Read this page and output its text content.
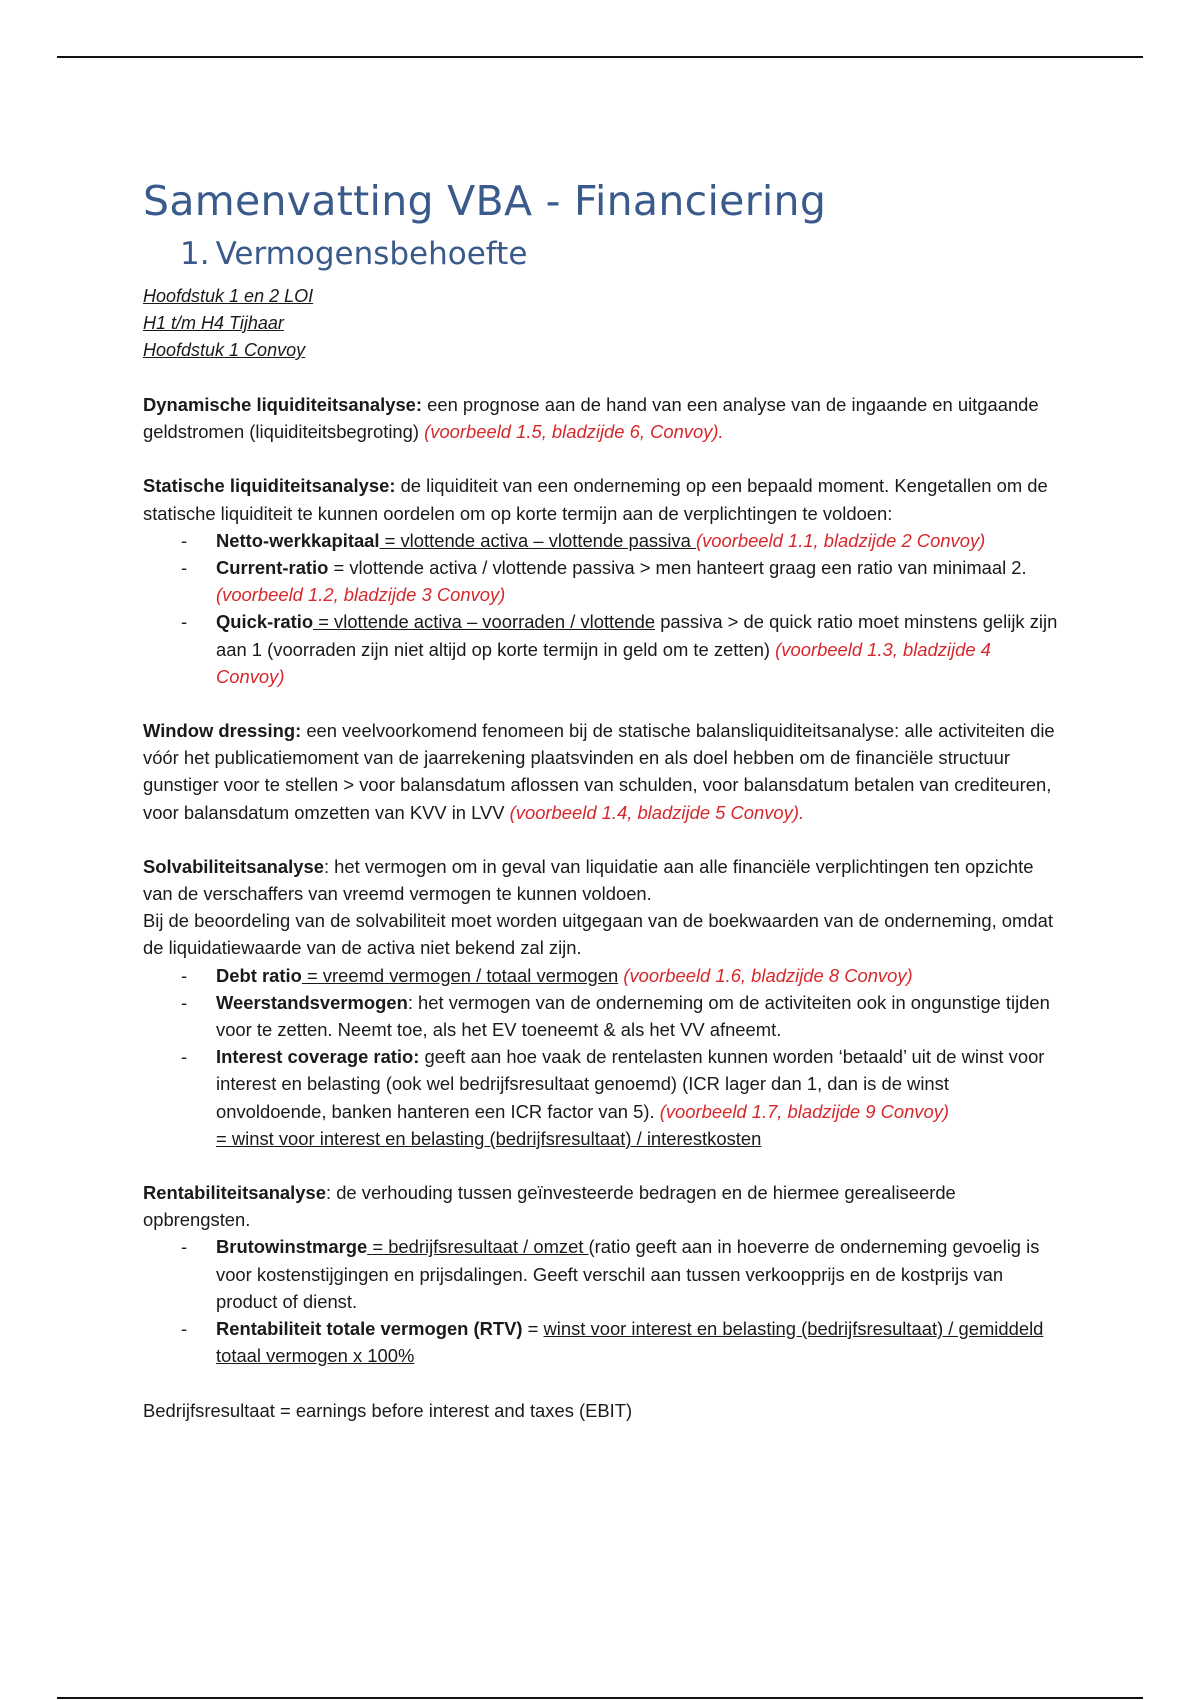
Samenvatting VBA - Financiering
1. Vermogensbehoefte
Hoofdstuk 1 en 2 LOI
H1 t/m H4 Tijhaar
Hoofdstuk 1 Convoy

Dynamische liquiditeitsanalyse: een prognose aan de hand van een analyse van de ingaande en uitgaande geldstromen (liquiditeitsbegroting) (voorbeeld 1.5, bladzijde 6, Convoy).

Statische liquiditeitsanalyse: de liquiditeit van een onderneming op een bepaald moment. Kengetallen om de statische liquiditeit te kunnen oordelen om op korte termijn aan de verplichtingen te voldoen:

- Netto-werkkapitaal = vlottende activa – vlottende passiva (voorbeeld 1.1, bladzijde 2 Convoy)
- Current-ratio = vlottende activa / vlottende passiva > men hanteert graag een ratio van minimaal 2. (voorbeeld 1.2, bladzijde 3 Convoy)
- Quick-ratio = vlottende activa – voorraden / vlottende passiva > de quick ratio moet minstens gelijk zijn aan 1 (voorraden zijn niet altijd op korte termijn in geld om te zetten) (voorbeeld 1.3, bladzijde 4 Convoy)

Window dressing: een veelvoorkomend fenomeen bij de statische balansliquiditeitsanalyse: alle activiteiten die vóór het publicatiemoment van de jaarrekening plaatsvinden en als doel hebben om de financiële structuur gunstiger voor te stellen > voor balansdatum aflossen van schulden, voor balansdatum betalen van crediteuren, voor balansdatum omzetten van KVV in LVV (voorbeeld 1.4, bladzijde 5 Convoy).

Solvabiliteitsanalyse: het vermogen om in geval van liquidatie aan alle financiële verplichtingen ten opzichte van de verschaffers van vreemd vermogen te kunnen voldoen.

Bij de beoordeling van de solvabiliteit moet worden uitgegaan van de boekwaarden van de onderneming, omdat de liquidatiewaarde van de activa niet bekend zal zijn.

- Debt ratio = vreemd vermogen / totaal vermogen (voorbeeld 1.6, bladzijde 8 Convoy)
- Weerstandsvermogen: het vermogen van de onderneming om de activiteiten ook in ongunstige tijden voor te zetten. Neemt toe, als het EV toeneemt & als het VV afneemt.
- Interest coverage ratio: geeft aan hoe vaak de rentelasten kunnen worden ‘betaald’ uit de winst voor interest en belasting (ook wel bedrijfsresultaat genoemd) (ICR lager dan 1, dan is de winst onvoldoende, banken hanteren een ICR factor van 5). (voorbeeld 1.7, bladzijde 9 Convoy)
= winst voor interest en belasting (bedrijfsresultaat) / interestkosten

Rentabiliteitsanalyse: de verhouding tussen geïnvesteerde bedragen en de hiermee gerealiseerde opbrengsten.

- Brutowinstmarge = bedrijfsresultaat / omzet (ratio geeft aan in hoeverre de onderneming gevoelig is voor kostenstijgingen en prijsdalingen. Geeft verschil aan tussen verkoopprijs en de kostprijs van product of dienst.
- Rentabiliteit totale vermogen (RTV) = winst voor interest en belasting (bedrijfsresultaat) / gemiddeld totaal vermogen x 100%

Bedrijfsresultaat = earnings before interest and taxes (EBIT)
